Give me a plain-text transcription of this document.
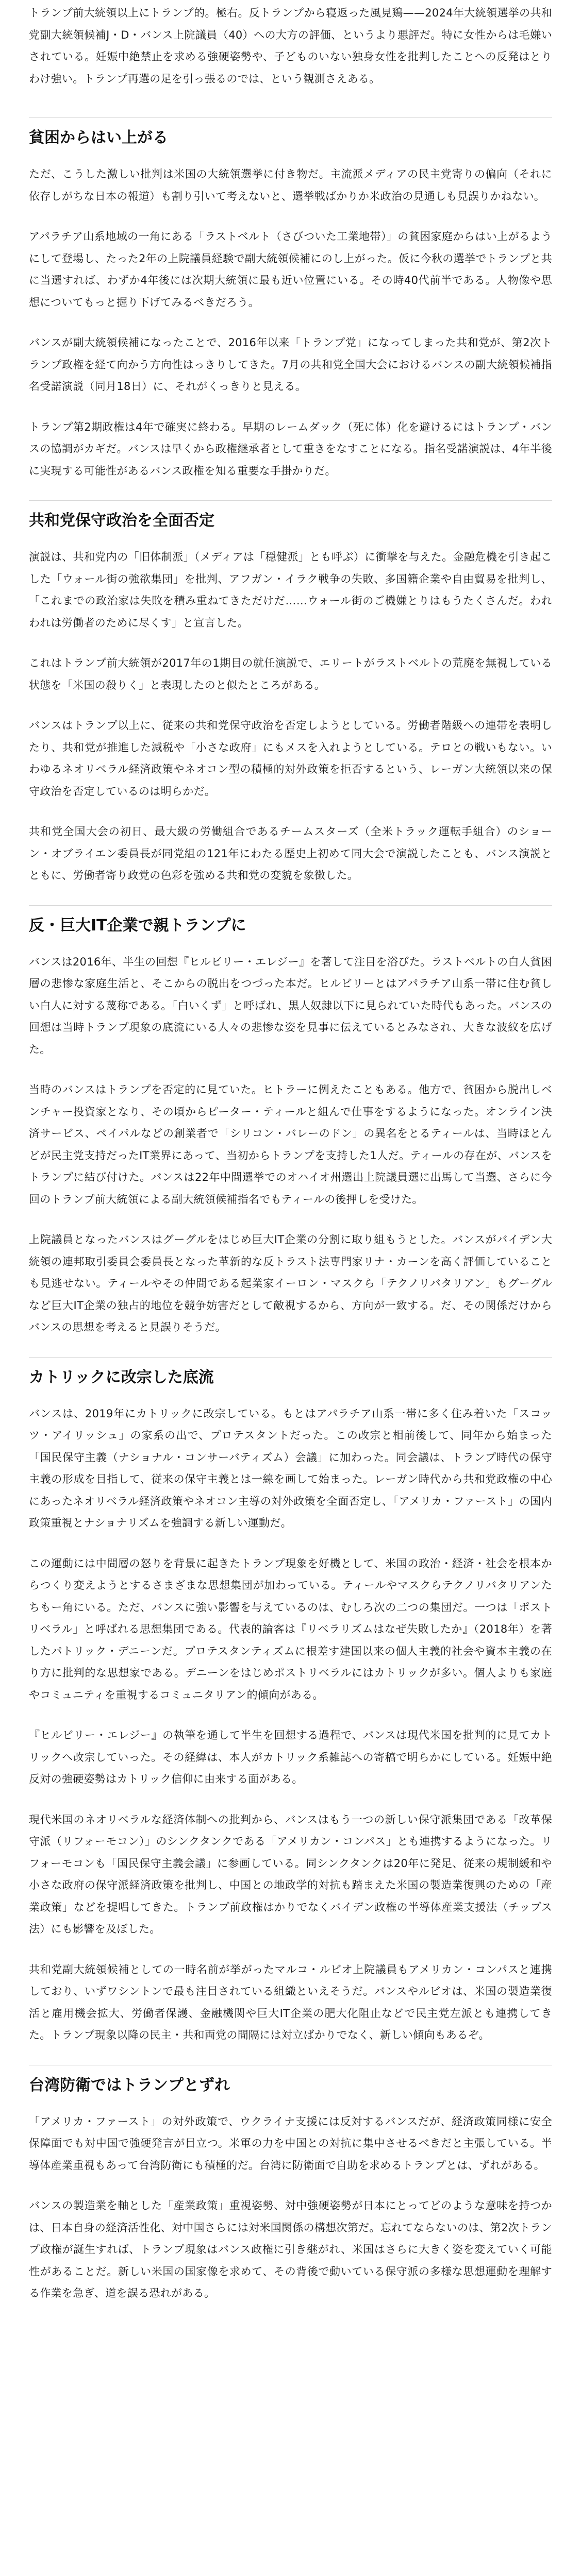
トランプ前大統領以上にトランプ的。極右。反トランプから寝返った風見鶏——2024年大統領選挙の共和党副大統領候補J・D・バンス上院議員（40）への大方の評価、というより悪評だ。特に女性からは毛嫌いされている。妊娠中絶禁止を求める強硬姿勢や、子どものいない独身女性を批判したことへの反発はとりわけ強い。トランプ再選の足を引っ張るのでは、という観測さえある。

貧困からはい上がる

ただ、こうした激しい批判は米国の大統領選挙に付き物だ。主流派メディアの民主党寄りの偏向（それに依存しがちな日本の報道）も割り引いて考えないと、選挙戦ばかりか米政治の見通しも見誤りかねない。

アパラチア山系地域の一角にある「ラストベルト（さびついた工業地帯）」の貧困家庭からはい上がるようにして登場し、たった2年の上院議員経験で副大統領候補にのし上がった。仮に今秋の選挙でトランプと共に当選すれば、わずか4年後には次期大統領に最も近い位置にいる。その時40代前半である。人物像や思想についてもっと掘り下げてみるべきだろう。

バンスが副大統領候補になったことで、2016年以来「トランプ党」になってしまった共和党が、第2次トランプ政権を経て向かう方向性はっきりしてきた。7月の共和党全国大会におけるバンスの副大統領候補指名受諾演説（同月18日）に、それがくっきりと見える。

トランプ第2期政権は4年で確実に終わる。早期のレームダック（死に体）化を避けるにはトランプ・バンスの協調がカギだ。バンスは早くから政権継承者として重きをなすことになる。指名受諾演説は、4年半後に実現する可能性があるバンス政権を知る重要な手掛かりだ。

共和党保守政治を全面否定

演説は、共和党内の「旧体制派」（メディアは「穏健派」とも呼ぶ）に衝撃を与えた。金融危機を引き起こした「ウォール街の強欲集団」を批判、アフガン・イラク戦争の失敗、多国籍企業や自由貿易を批判し、「これまでの政治家は失敗を積み重ねてきただけだ……ウォール街のご機嫌とりはもうたくさんだ。われわれは労働者のために尽くす」と宣言した。

これはトランプ前大統領が2017年の1期目の就任演説で、エリートがラストベルトの荒廃を無視している状態を「米国の殺りく」と表現したのと似たところがある。

バンスはトランプ以上に、従来の共和党保守政治を否定しようとしている。労働者階級への連帯を表明したり、共和党が推進した減税や「小さな政府」にもメスを入れようとしている。テロとの戦いもない。いわゆるネオリベラル経済政策やネオコン型の積極的対外政策を拒否するという、レーガン大統領以来の保守政治を否定しているのは明らかだ。

共和党全国大会の初日、最大級の労働組合であるチームスターズ（全米トラック運転手組合）のショーン・オブライエン委員長が同党組の121年にわたる歴史上初めて同大会で演説したことも、バンス演説とともに、労働者寄り政党の色彩を強める共和党の変貌を象徴した。

反・巨大IT企業で親トランプに

バンスは2016年、半生の回想『ヒルビリー・エレジー』を著して注目を浴びた。ラストベルトの白人貧困層の悲惨な家庭生活と、そこからの脱出をつづった本だ。ヒルビリーとはアパラチア山系一帯に住む貧しい白人に対する蔑称である。「白いくず」と呼ばれ、黒人奴隷以下に見られていた時代もあった。バンスの回想は当時トランプ現象の底流にいる人々の悲惨な姿を見事に伝えているとみなされ、大きな波紋を広げた。

当時のバンスはトランプを否定的に見ていた。ヒトラーに例えたこともある。他方で、貧困から脱出しベンチャー投資家となり、その頃からピーター・ティールと組んで仕事をするようになった。オンライン決済サービス、ペイパルなどの創業者で「シリコン・バレーのドン」の異名をとるティールは、当時ほとんどが民主党支持だったIT業界にあって、当初からトランプを支持した1人だ。ティールの存在が、バンスをトランプに結び付けた。バンスは22年中間選挙でのオハイオ州選出上院議員選に出馬して当選、さらに今回のトランプ前大統領による副大統領候補指名でもティールの後押しを受けた。

上院議員となったバンスはグーグルをはじめ巨大IT企業の分割に取り組もうとした。バンスがバイデン大統領の連邦取引委員会委員長となった革新的な反トラスト法専門家リナ・カーンを高く評価していることも見逃せない。ティールやその仲間である起業家イーロン・マスクら「テクノリバタリアン」もグーグルなど巨大IT企業の独占的地位を競争妨害だとして敵視するから、方向が一致する。だ、その関係だけからバンスの思想を考えると見誤りそうだ。

カトリックに改宗した底流

バンスは、2019年にカトリックに改宗している。もとはアパラチア山系一帯に多く住み着いた「スコッツ・アイリッシュ」の家系の出で、プロテスタントだった。この改宗と相前後して、同年から始まった「国民保守主義（ナショナル・コンサーバティズム）会議」に加わった。同会議は、トランプ時代の保守主義の形成を目指して、従来の保守主義とは一線を画して始まった。レーガン時代から共和党政権の中心にあったネオリベラル経済政策やネオコン主導の対外政策を全面否定し、「アメリカ・ファースト」の国内政策重視とナショナリズムを強調する新しい運動だ。

この運動には中間層の怒りを背景に起きたトランプ現象を好機として、米国の政治・経済・社会を根本からつくり変えようとするさまざまな思想集団が加わっている。ティールやマスクらテクノリバタリアンたちもー角にいる。ただ、バンスに強い影響を与えているのは、むしろ次の二つの集団だ。一つは「ポストリベラル」と呼ばれる思想集団である。代表的論客は『リベラリズムはなぜ失敗したか』（2018年）を著したパトリック・デニーンだ。プロテスタンティズムに根差す建国以来の個人主義的社会や資本主義の在り方に批判的な思想家である。デニーンをはじめポストリベラルにはカトリックが多い。個人よりも家庭やコミュニティを重視するコミュニタリアン的傾向がある。

『ヒルビリー・エレジー』の執筆を通して半生を回想する過程で、バンスは現代米国を批判的に見てカトリックへ改宗していった。その経緯は、本人がカトリック系雑誌への寄稿で明らかにしている。妊娠中絶反対の強硬姿勢はカトリック信仰に由来する面がある。

現代米国のネオリベラルな経済体制への批判から、バンスはもう一つの新しい保守派集団である「改革保守派（リフォーモコン）」のシンクタンクである「アメリカン・コンパス」とも連携するようになった。リフォーモコンも「国民保守主義会議」に参画している。同シンクタンクは20年に発足、従来の規制緩和や小さな政府の保守派経済政策を批判し、中国との地政学的対抗も踏まえた米国の製造業復興のための「産業政策」などを提唱してきた。トランプ前政権はかりでなくバイデン政権の半導体産業支援法（チップス法）にも影響を及ぼした。

共和党副大統領候補としての一時名前が挙がったマルコ・ルビオ上院議員もアメリカン・コンパスと連携しており、いずワシントンで最も注目されている組織といえそうだ。バンスやルビオは、米国の製造業復活と雇用機会拡大、労働者保護、金融機関や巨大IT企業の肥大化阻止などで民主党左派とも連携してきた。トランプ現象以降の民主・共和両党の間隔には対立ばかりでなく、新しい傾向もあるぞ。

台湾防衛ではトランプとずれ

「アメリカ・ファースト」の対外政策で、ウクライナ支援には反対するバンスだが、経済政策同様に安全保障面でも対中国で強硬発言が目立つ。米軍の力を中国との対抗に集中させるべきだと主張している。半導体産業重視もあって台湾防衛にも積極的だ。台湾に防衛面で自助を求めるトランプとは、ずれがある。

バンスの製造業を軸とした「産業政策」重視姿勢、対中強硬姿勢が日本にとってどのような意味を持つかは、日本自身の経済活性化、対中国さらには対米国関係の構想次第だ。忘れてならないのは、第2次トランプ政権が誕生すれば、トランプ現象はバンス政権に引き継がれ、米国はさらに大きく姿を変えていく可能性があることだ。新しい米国の国家像を求めて、その背後で動いている保守派の多様な思想運動を理解する作業を急ぎ、道を誤る恐れがある。
